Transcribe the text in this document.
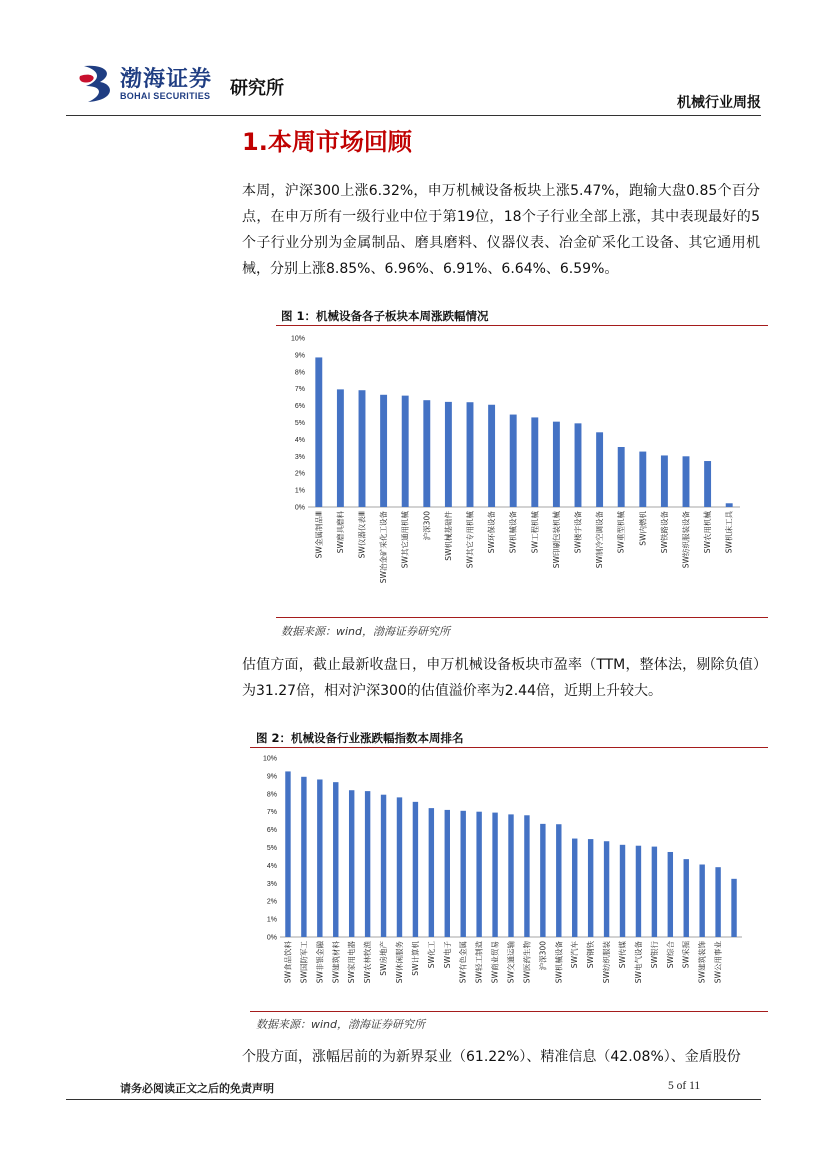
渤海证券
BOHAI SECURITIES 研究所
机械行业周报
1.本周市场回顾
本周，沪深300上涨6.32%，申万机械设备板块上涨5.47%，跑输大盘0.85个百分点，在申万所有一级行业中位于第19位，18个子行业全部上涨，其中表现最好的5个子行业分别为金属制品、磨具磨料、仪器仪表、冶金矿采化工设备、其它通用机械，分别上涨8.85%、6.96%、6.91%、6.64%、6.59%。
图 1：机械设备各子板块本周涨跌幅情况
0%
1%
2%
3%
4%
5%
6%
7%
8%
9%
10%
SW金属制品Ⅲ SW磨具磨料 SW仪器仪表Ⅲ SW冶金矿采化工设备 SW其它通用机械 沪深300 SW机械基础件 SW其它专用机械 SW环保设备 SW机械设备 SW工程机械 SW印刷包装机械 SW楼宇设备 SW制冷空调设备 SW重型机械 SW内燃机 SW铁路设备 SW纺织服装设备 SW农用机械 SW机床工具
数据来源：wind，渤海证券研究所
估值方面，截止最新收盘日，申万机械设备板块市盈率（TTM，整体法，剔除负值）为31.27倍，相对沪深300的估值溢价率为2.44倍，近期上升较大。
图 2：机械设备行业涨跌幅指数本周排名
0%
1%
2%
3%
4%
5%
6%
7%
8%
9%
10%
SW食品饮料 SW国防军工 SW非银金融 SW建筑材料 SW家用电器 SW农林牧渔 SW房地产 SW休闲服务 SW计算机 SW化工 SW电子 SW有色金属 SW轻工制造 SW商业贸易 SW交通运输 SW医药生物 沪深300 SW机械设备 SW汽车 SW钢铁 SW纺织服装 SW传媒 SW电气设备 SW银行 SW综合 SW采掘 SW建筑装饰 SW公用事业
数据来源：wind，渤海证券研究所
个股方面，涨幅居前的为新界泵业（61.22%）、精准信息（42.08%）、金盾股份
请务必阅读正文之后的免责声明	5 of 11
